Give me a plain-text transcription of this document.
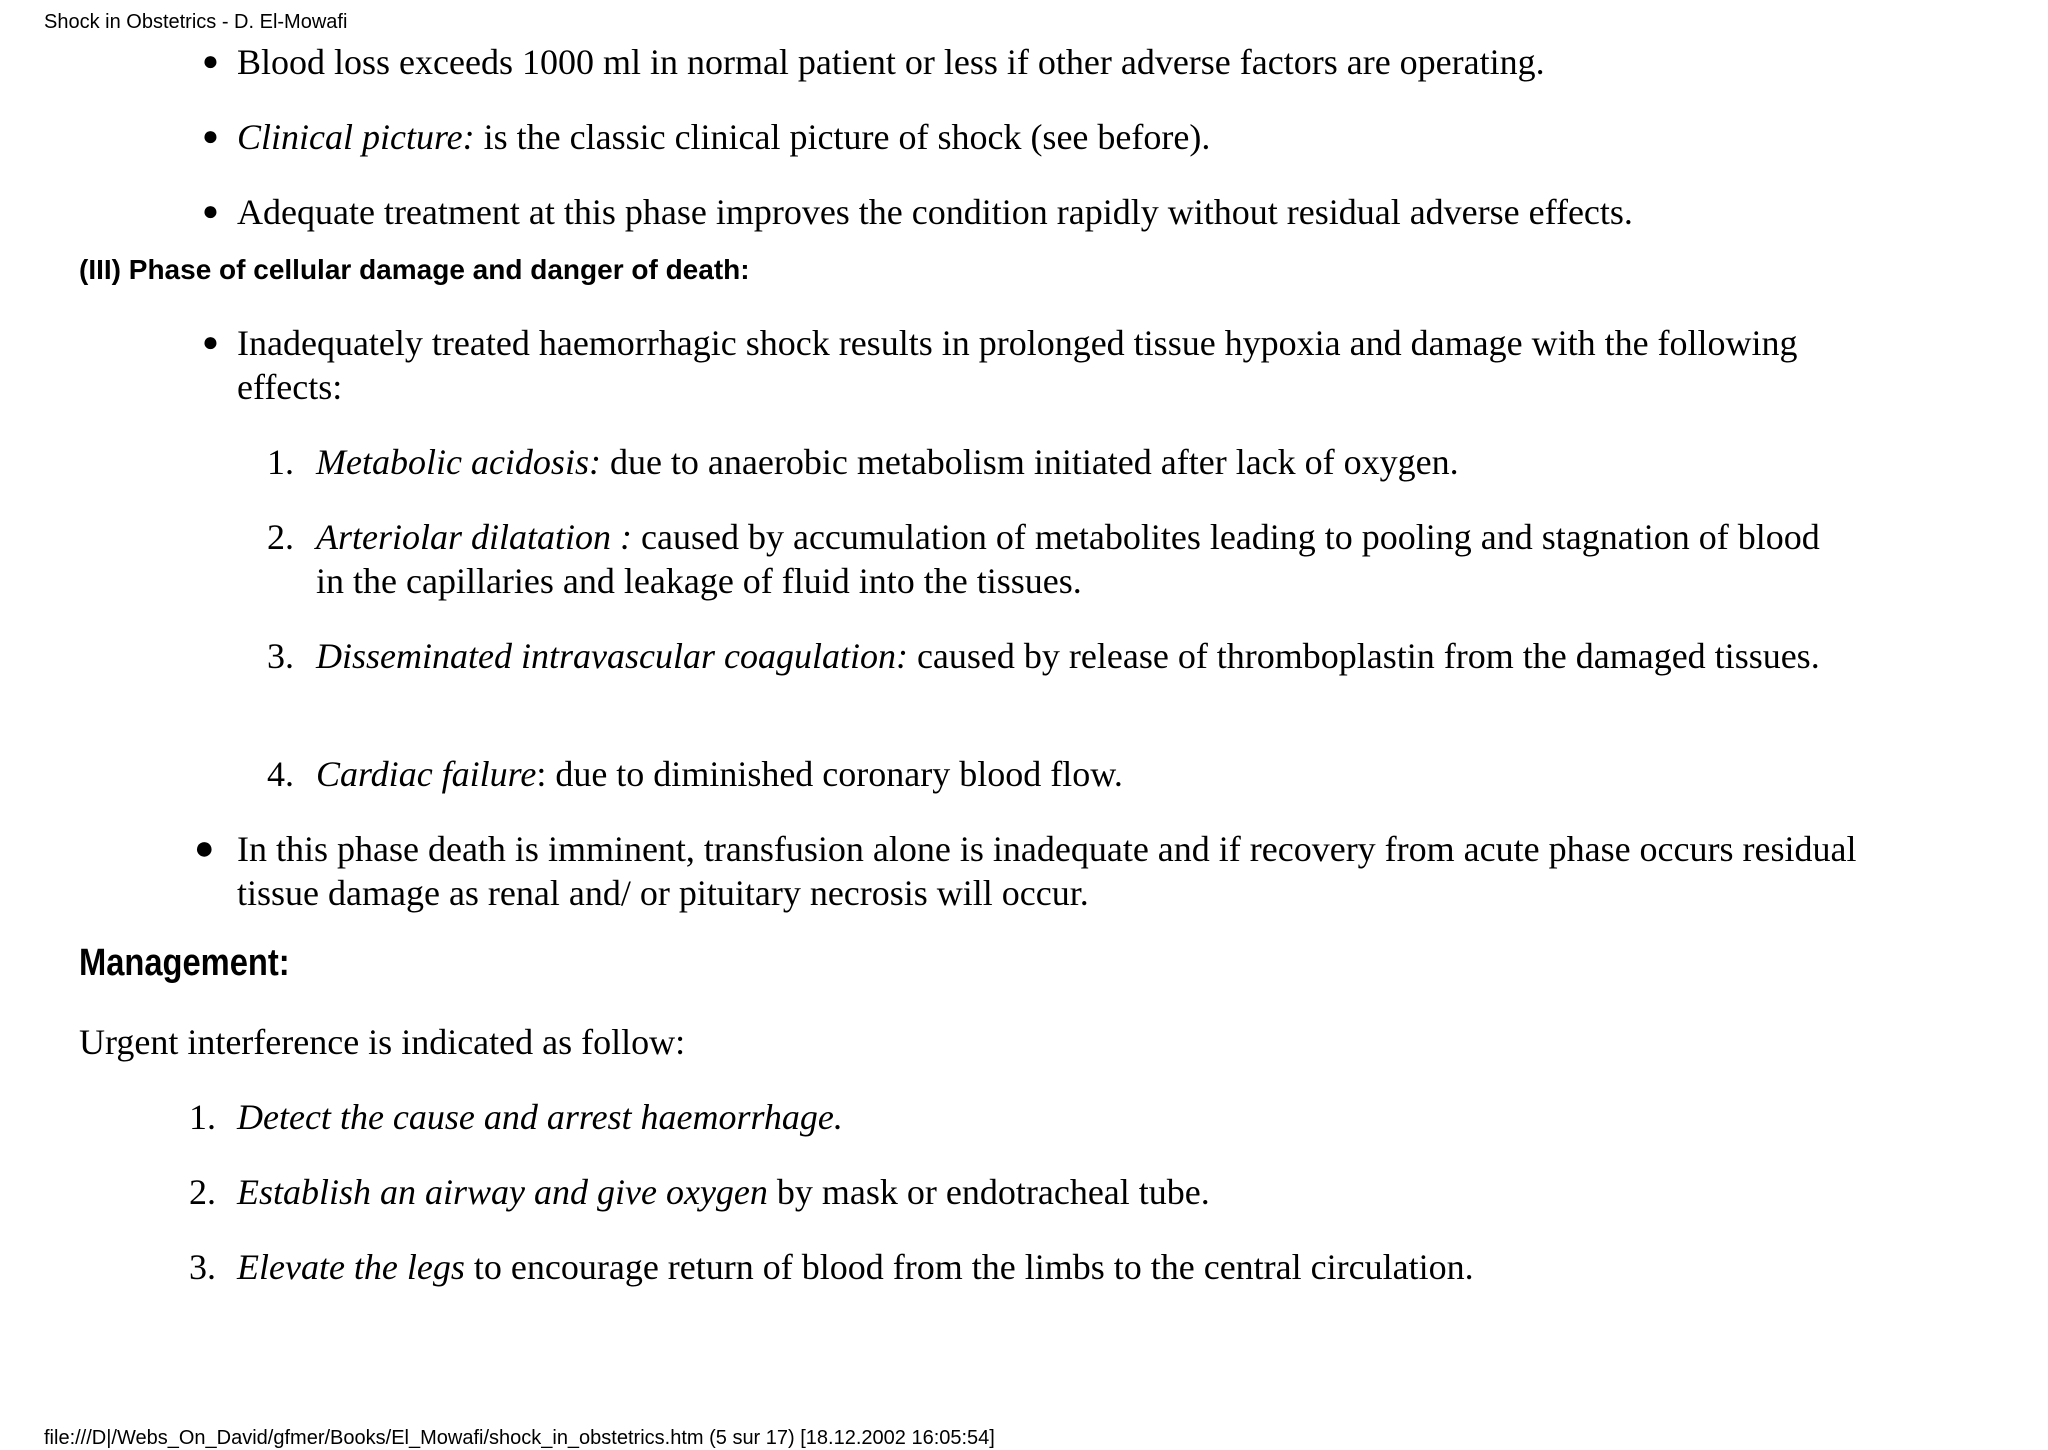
Shock in Obstetrics - D. El-Mowafi
● Blood loss exceeds 1000 ml in normal patient or less if other adverse factors are operating.
● Clinical picture: is the classic clinical picture of shock (see before).
● Adequate treatment at this phase improves the condition rapidly without residual adverse effects.
(III) Phase of cellular damage and danger of death:
● Inadequately treated haemorrhagic shock results in prolonged tissue hypoxia and damage with the following effects:
1. Metabolic acidosis: due to anaerobic metabolism initiated after lack of oxygen.
2. Arteriolar dilatation : caused by accumulation of metabolites leading to pooling and stagnation of blood in the capillaries and leakage of fluid into the tissues.
3. Disseminated intravascular coagulation: caused by release of thromboplastin from the damaged tissues.
4. Cardiac failure: due to diminished coronary blood flow.
● In this phase death is imminent, transfusion alone is inadequate and if recovery from acute phase occurs residual tissue damage as renal and/ or pituitary necrosis will occur.
Management:
Urgent interference is indicated as follow:
1. Detect the cause and arrest haemorrhage.
2. Establish an airway and give oxygen by mask or endotracheal tube.
3. Elevate the legs to encourage return of blood from the limbs to the central circulation.
file:///D|/Webs_On_David/gfmer/Books/El_Mowafi/shock_in_obstetrics.htm (5 sur 17) [18.12.2002 16:05:54]
